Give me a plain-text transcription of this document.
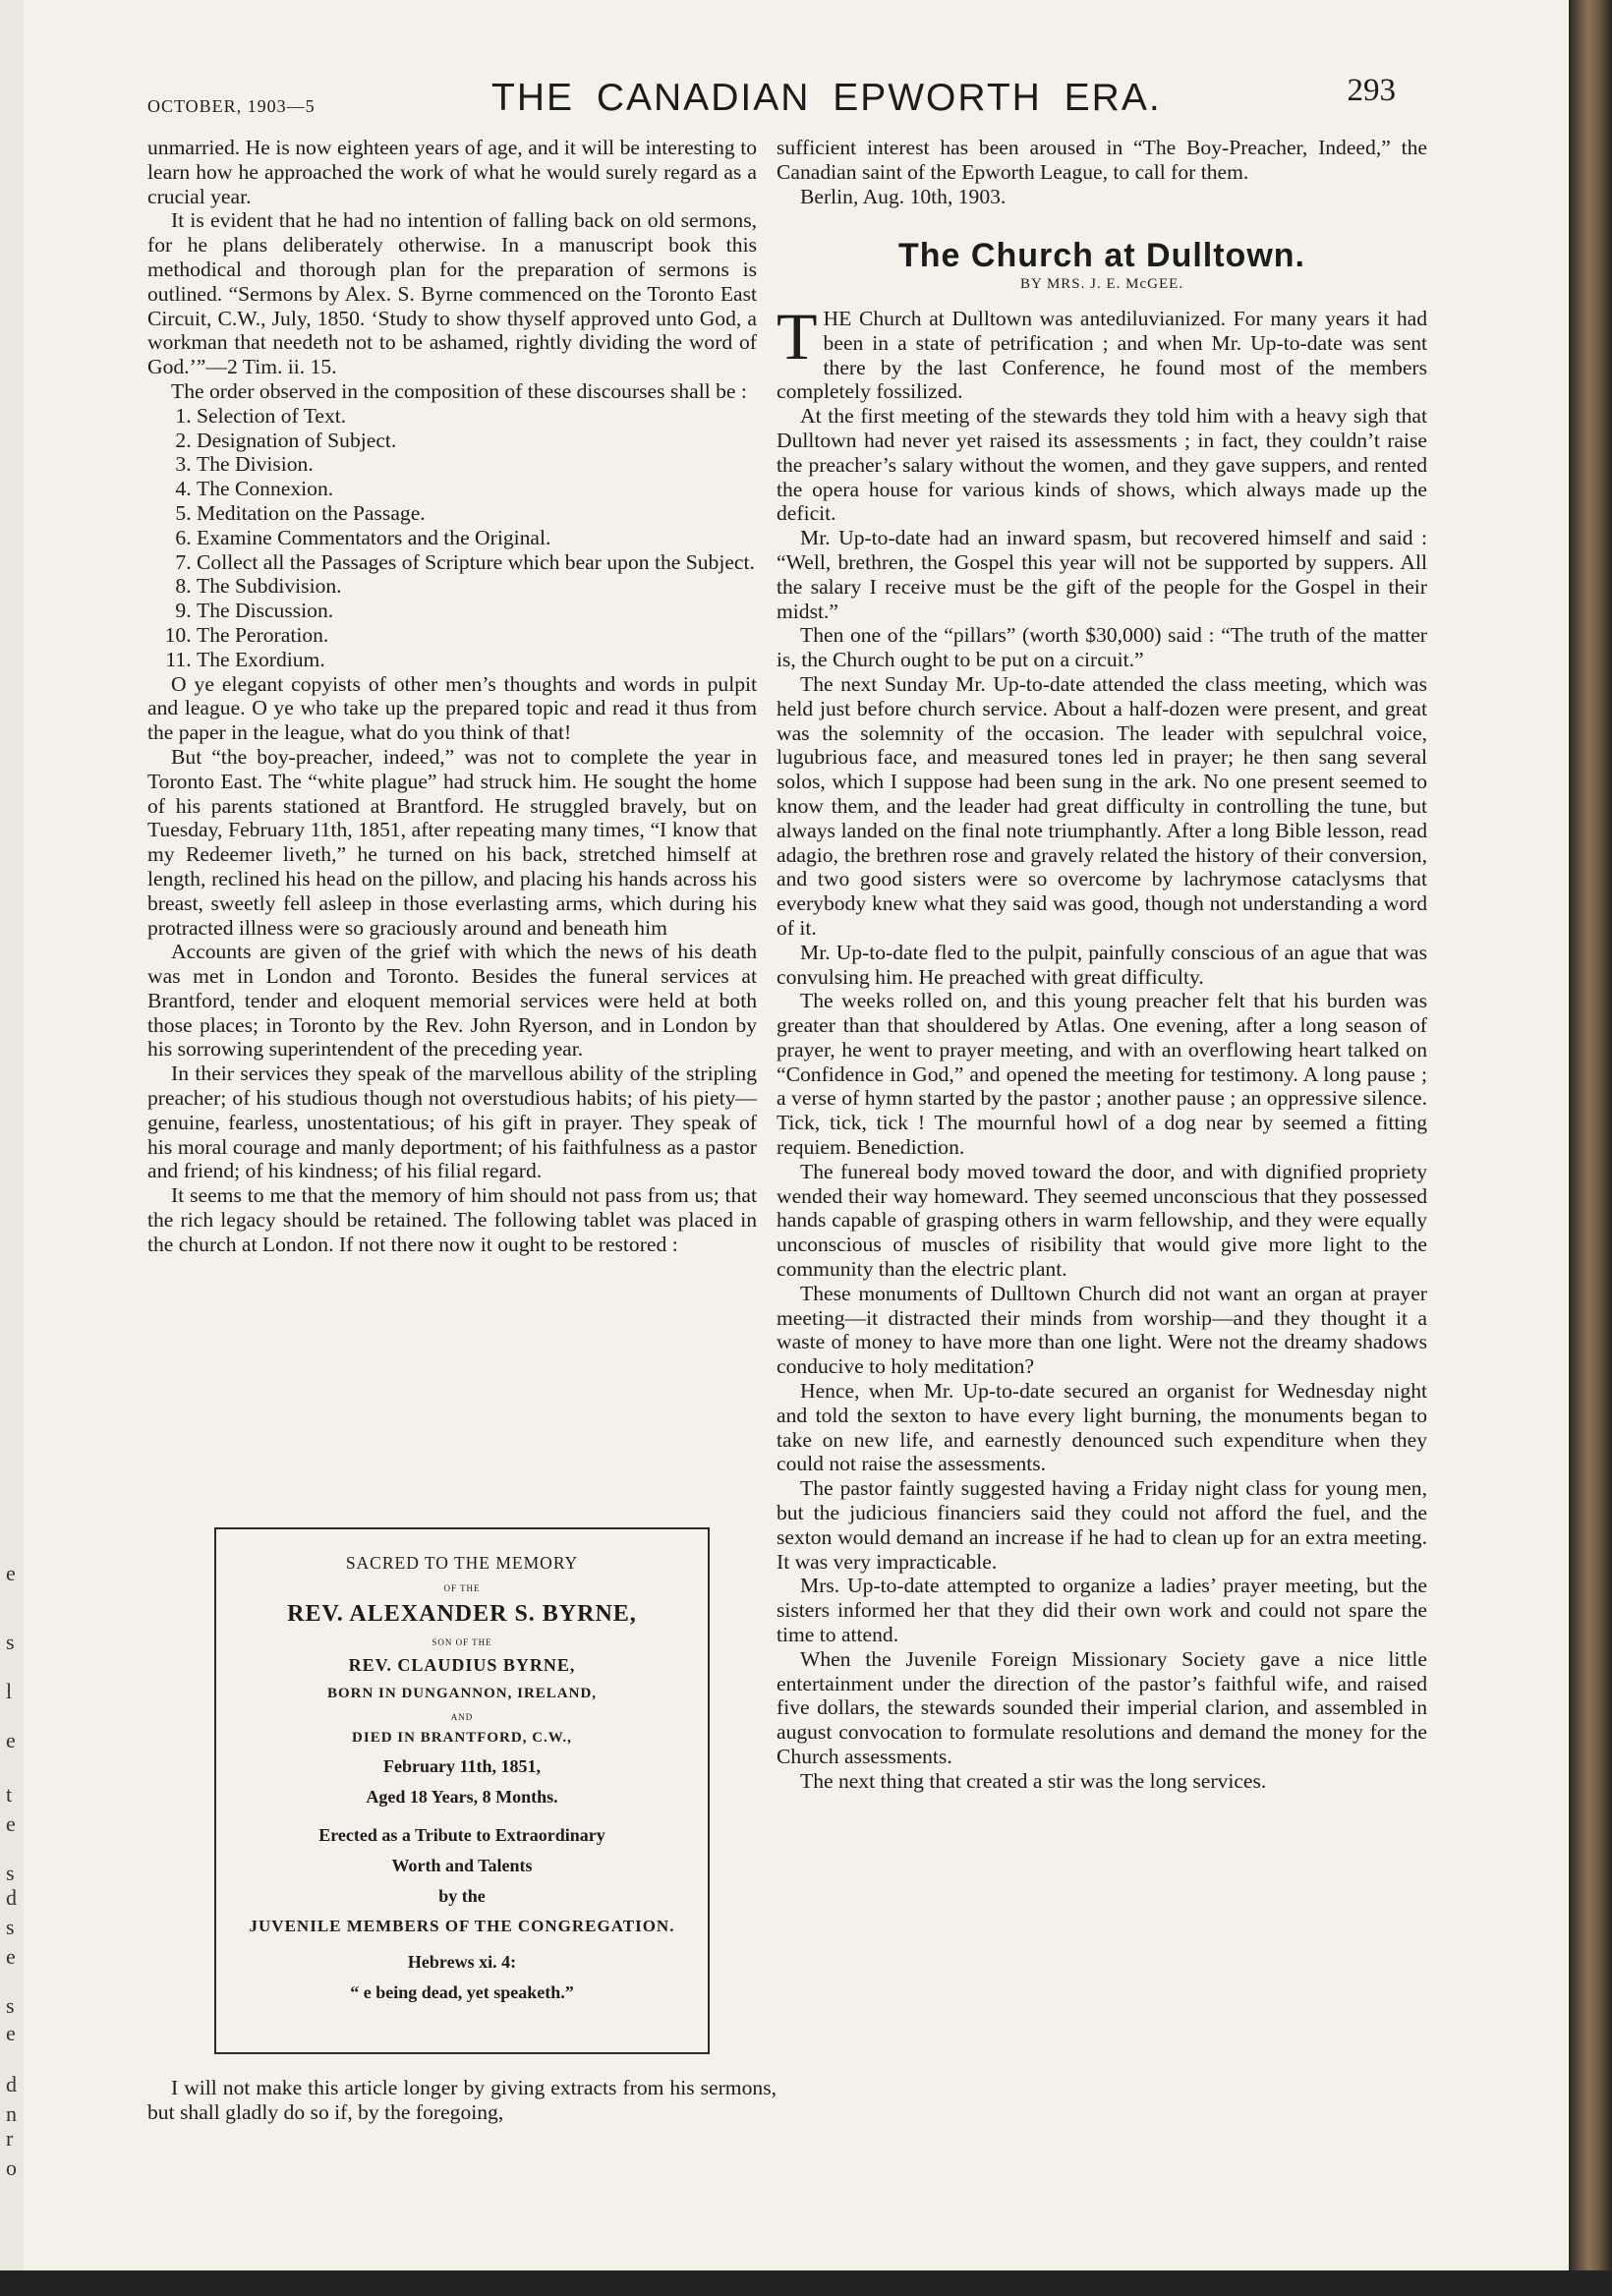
e
s
l
e
t
e
s
d
s
e
s
e
d
n
r
o
OCTOBER, 1903—5	THE CANADIAN EPWORTH ERA.	293

unmarried. He is now eighteen years of age, and it will be interesting to learn how he approached the work of what he would surely regard as a crucial year.

It is evident that he had no intention of falling back on old sermons, for he plans deliberately otherwise. In a manuscript book this methodical and thorough plan for the preparation of sermons is outlined. “Sermons by Alex. S. Byrne commenced on the Toronto East Circuit, C.W., July, 1850. ‘Study to show thyself approved unto God, a workman that needeth not to be ashamed, rightly dividing the word of God.’”—2 Tim. ii. 15.

The order observed in the composition of these discourses shall be :

1. Selection of Text.
2. Designation of Subject.
3. The Division.
4. The Connexion.
5. Meditation on the Passage.
6. Examine Commentators and the Original.
7. Collect all the Passages of Scripture which bear upon the Subject.
8. The Subdivision.
9. The Discussion.
10. The Peroration.
11. The Exordium.

O ye elegant copyists of other men’s thoughts and words in pulpit and league. O ye who take up the prepared topic and read it thus from the paper in the league, what do you think of that!

But “the boy-preacher, indeed,” was not to complete the year in Toronto East. The “white plague” had struck him. He sought the home of his parents stationed at Brantford. He struggled bravely, but on Tuesday, February 11th, 1851, after repeating many times, “I know that my Redeemer liveth,” he turned on his back, stretched himself at length, reclined his head on the pillow, and placing his hands across his breast, sweetly fell asleep in those everlasting arms, which during his protracted illness were so graciously around and beneath him

Accounts are given of the grief with which the news of his death was met in London and Toronto. Besides the funeral services at Brantford, tender and eloquent memorial services were held at both those places; in Toronto by the Rev. John Ryerson, and in London by his sorrowing superintendent of the preceding year.

In their services they speak of the marvellous ability of the stripling preacher; of his studious though not overstudious habits; of his piety—genuine, fearless, unostentatious; of his gift in prayer. They speak of his moral courage and manly deportment; of his faithfulness as a pastor and friend; of his kindness; of his filial regard.

It seems to me that the memory of him should not pass from us; that the rich legacy should be retained. The following tablet was placed in the church at London. If not there now it ought to be restored :

SACRED TO THE MEMORY
OF THE
REV. ALEXANDER S. BYRNE,
SON OF THE
REV. CLAUDIUS BYRNE,
BORN IN DUNGANNON, IRELAND,
AND
DIED IN BRANTFORD, C.W.,
February 11th, 1851,
Aged 18 Years, 8 Months.
Erected as a Tribute to Extraordinary
Worth and Talents
by the
JUVENILE MEMBERS OF THE CONGREGATION.
Hebrews xi. 4:
“ e being dead, yet speaketh.”

I will not make this article longer by giving extracts from his sermons, but shall gladly do so if, by the foregoing,

sufficient interest has been aroused in “The Boy-Preacher, Indeed,” the Canadian saint of the Epworth League, to call for them.

Berlin, Aug. 10th, 1903.

The Church at Dulltown.
BY MRS. J. E. McGEE.

THE Church at Dulltown was antediluvianized. For many years it had been in a state of petrification ; and when Mr. Up-to-date was sent there by the last Conference, he found most of the members completely fossilized.

At the first meeting of the stewards they told him with a heavy sigh that Dulltown had never yet raised its assessments ; in fact, they couldn’t raise the preacher’s salary without the women, and they gave suppers, and rented the opera house for various kinds of shows, which always made up the deficit.

Mr. Up-to-date had an inward spasm, but recovered himself and said : “Well, brethren, the Gospel this year will not be supported by suppers. All the salary I receive must be the gift of the people for the Gospel in their midst.”

Then one of the “pillars” (worth $30,000) said : “The truth of the matter is, the Church ought to be put on a circuit.”

The next Sunday Mr. Up-to-date attended the class meeting, which was held just before church service. About a half-dozen were present, and great was the solemnity of the occasion. The leader with sepulchral voice, lugubrious face, and measured tones led in prayer; he then sang several solos, which I suppose had been sung in the ark. No one present seemed to know them, and the leader had great difficulty in controlling the tune, but always landed on the final note triumphantly. After a long Bible lesson, read adagio, the brethren rose and gravely related the history of their conversion, and two good sisters were so overcome by lachrymose cataclysms that everybody knew what they said was good, though not understanding a word of it.

Mr. Up-to-date fled to the pulpit, painfully conscious of an ague that was convulsing him. He preached with great difficulty.

The weeks rolled on, and this young preacher felt that his burden was greater than that shouldered by Atlas. One evening, after a long season of prayer, he went to prayer meeting, and with an overflowing heart talked on “Confidence in God,” and opened the meeting for testimony. A long pause ; a verse of hymn started by the pastor ; another pause ; an oppressive silence. Tick, tick, tick ! The mournful howl of a dog near by seemed a fitting requiem. Benediction.

The funereal body moved toward the door, and with dignified propriety wended their way homeward. They seemed unconscious that they possessed hands capable of grasping others in warm fellowship, and they were equally unconscious of muscles of risibility that would give more light to the community than the electric plant.

These monuments of Dulltown Church did not want an organ at prayer meeting—it distracted their minds from worship—and they thought it a waste of money to have more than one light. Were not the dreamy shadows conducive to holy meditation?

Hence, when Mr. Up-to-date secured an organist for Wednesday night and told the sexton to have every light burning, the monuments began to take on new life, and earnestly denounced such expenditure when they could not raise the assessments.

The pastor faintly suggested having a Friday night class for young men, but the judicious financiers said they could not afford the fuel, and the sexton would demand an increase if he had to clean up for an extra meeting. It was very impracticable.

Mrs. Up-to-date attempted to organize a ladies’ prayer meeting, but the sisters informed her that they did their own work and could not spare the time to attend.

When the Juvenile Foreign Missionary Society gave a nice little entertainment under the direction of the pastor’s faithful wife, and raised five dollars, the stewards sounded their imperial clarion, and assembled in august convocation to formulate resolutions and demand the money for the Church assessments.

The next thing that created a stir was the long services.
